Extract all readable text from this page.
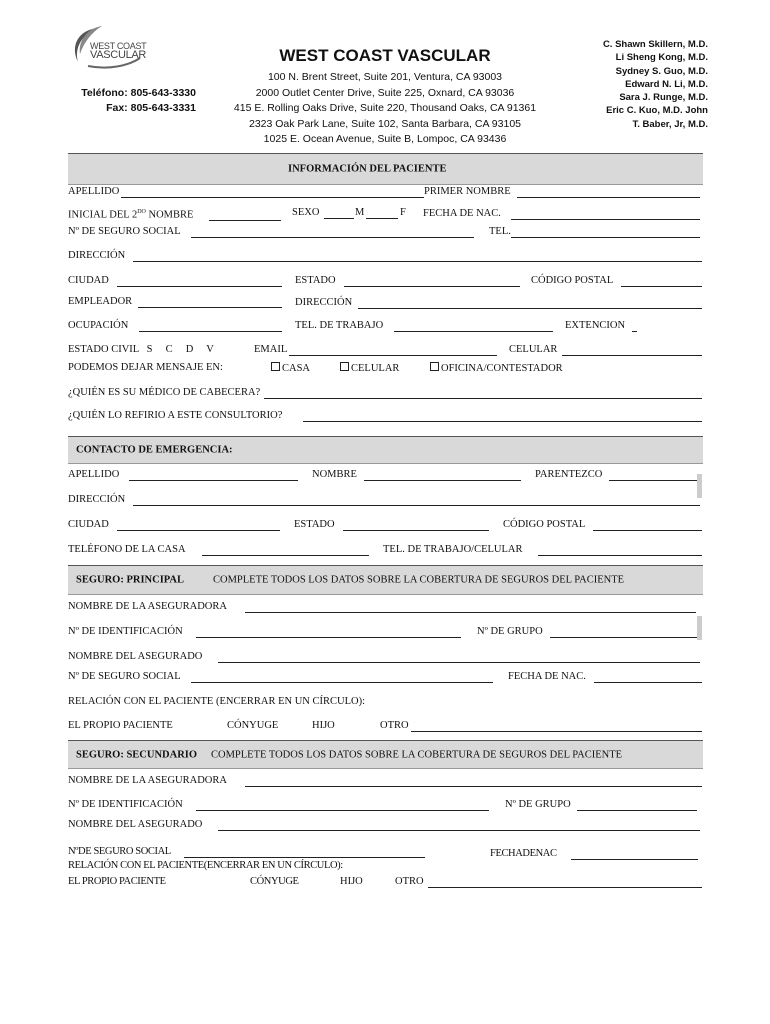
WEST COAST
VASCULAR
Teléfono: 805-643-3330
Fax: 805-643-3331
WEST COAST VASCULAR
100 N. Brent Street, Suite 201, Ventura, CA 93003
2000 Outlet Center Drive, Suite 225, Oxnard, CA 93036
415 E. Rolling Oaks Drive, Suite 220, Thousand Oaks, CA 91361
2323 Oak Park Lane, Suite 102, Santa Barbara, CA 93105
1025 E. Ocean Avenue, Suite B, Lompoc, CA 93436
C. Shawn Skillern, M.D.
Li Sheng Kong, M.D.
Sydney S. Guo, M.D.
Edward N. Li, M.D.
Sara J. Runge, M.D.
Eric C. Kuo, M.D. John
T. Baber, Jr, M.D.
INFORMACIÓN DEL PACIENTE
APELLIDO	PRIMER NOMBRE
INICIAL DEL $2^{DO}$ NOMBRE	SEXO	M	F FECHA DE NAC.
Nº DE SEGURO SOCIAL	TEL.
DIRECCIÓN
CIUDAD	ESTADO	CÓDIGO POSTAL
EMPLEADOR	DIRECCIÓN
OCUPACIÓN	TEL. DE TRABAJO	EXTENCION
ESTADO CIVIL   S     C     D     V	EMAIL	CELULAR
PODEMOS DEJAR MENSAJE EN:	CASA	CELULAR	OFICINA/CONTESTADOR
¿QUIÉN ES SU MÉDICO DE CABECERA?
¿QUIÉN LO REFIRIO A ESTE CONSULTORIO?
CONTACTO DE EMERGENCIA:
APELLIDO	NOMBRE	PARENTEZCO
DIRECCIÓN
CIUDAD	ESTADO	CÓDIGO POSTAL
TELÉFONO DE LA CASA	TEL. DE TRABAJO/CELULAR
SEGURO: PRINCIPAL	COMPLETE TODOS LOS DATOS SOBRE LA COBERTURA DE SEGUROS DEL PACIENTE
NOMBRE DE LA ASEGURADORA
Nº DE IDENTIFICACIÓN	Nº DE GRUPO
NOMBRE DEL ASEGURADO
Nº DE SEGURO SOCIAL	FECHA DE NAC.
RELACIÓN CON EL PACIENTE (ENCERRAR EN UN CÍRCULO):
EL PROPIO PACIENTE	CÓNYUGE	HIJO	OTRO
SEGURO: SECUNDARIO COMPLETE TODOS LOS DATOS SOBRE LA COBERTURA DE SEGUROS DEL PACIENTE
NOMBRE DE LA ASEGURADORA
Nº DE IDENTIFICACIÓN	Nº DE GRUPO
NOMBRE DEL ASEGURADO
NºDE SEGURO SOCIAL	FECHADENAC
RELACIÓN CON EL PACIENTE(ENCERRAR EN UN CÍRCULO):
EL PROPIO PACIENTE	CÓNYUGE	HIJO	OTRO
